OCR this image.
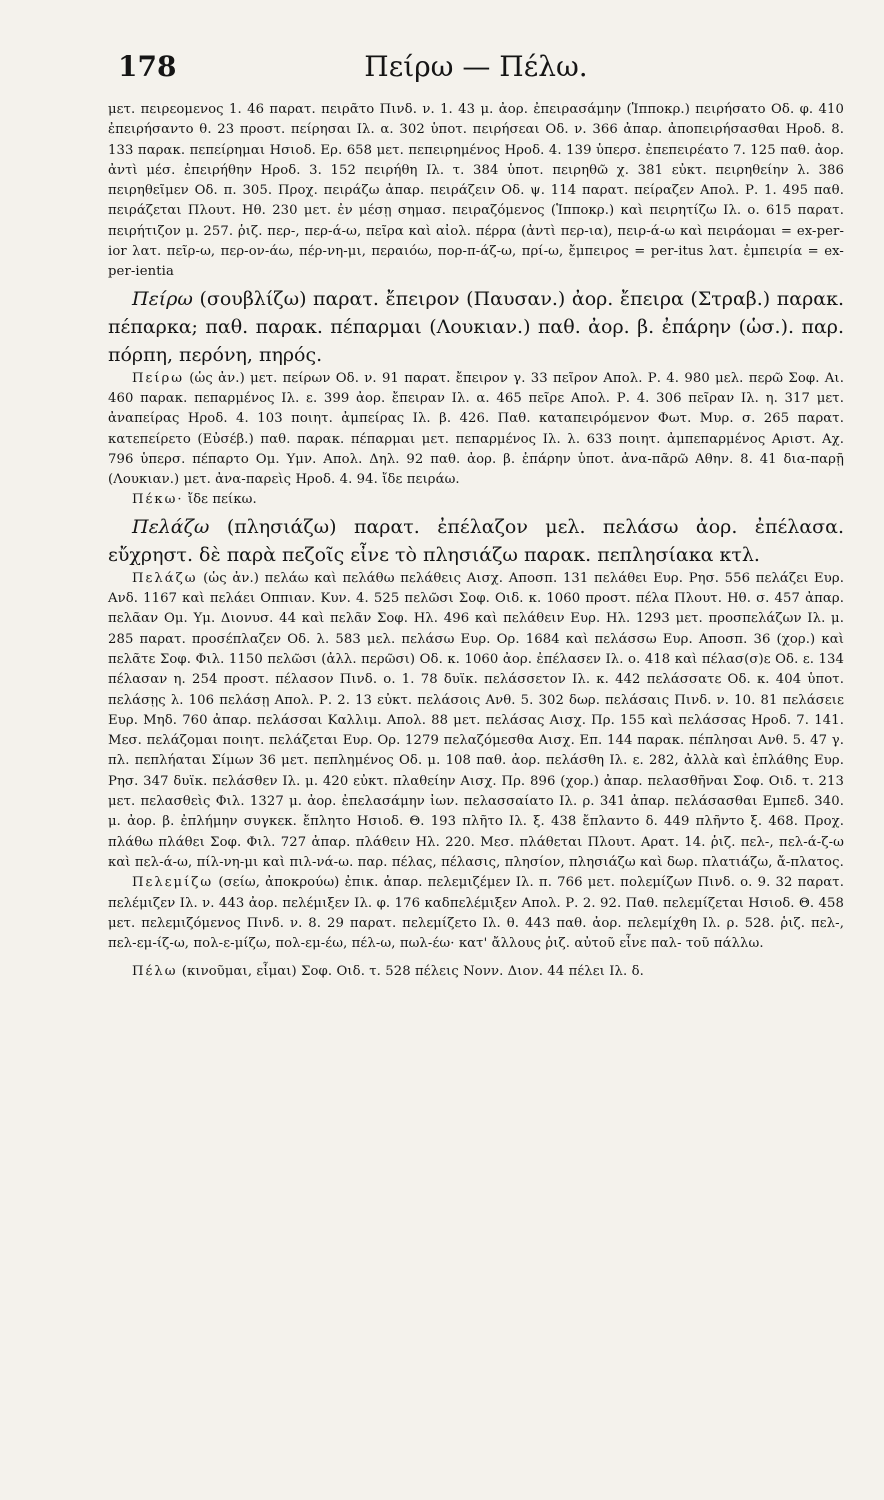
178	Πείρω — Πέλω.

μετ. πειρεομενος 1. 46 παρατ. πειρᾶτο Πινδ. ν. 1. 43 μ. ἀορ. ἐπειρασάμην (Ἱπποκρ.) πειρήσατο Οδ. φ. 410 ἐπειρήσαντο θ. 23 προστ. πείρησαι Ιλ. α. 302 ὑποτ. πειρήσεαι Οδ. ν. 366 ἀπαρ. ἀποπειρήσασθαι Ηροδ. 8. 133 παρακ. πεπείρημαι Ησιοδ. Ερ. 658 μετ. πεπειρημένος Ηροδ. 4. 139 ὑπερσ. ἐπεπειρέατο 7. 125 παθ. ἀορ. ἀντὶ μέσ. ἐπειρήθην Ηροδ. 3. 152 πειρήθη Ιλ. τ. 384 ὑποτ. πειρηθῶ χ. 381 εὐκτ. πειρηθείην λ. 386 πειρηθεῖμεν Οδ. π. 305. Προχ. πειράζω ἀπαρ. πειράζειν Οδ. ψ. 114 παρατ. πείραζεν Απολ. Ρ. 1. 495 παθ. πειράζεται Πλουτ. Ηθ. 230 μετ. ἐν μέσῃ σημασ. πειραζόμενος (Ἱπποκρ.) καὶ πειρητίζω Ιλ. ο. 615 παρατ. πειρήτιζον μ. 257. ῥιζ. περ-, περ-ά-ω, πεῖρα καὶ αἰολ. πέρρα (ἀντὶ περ-ια), πειρ-ά-ω καὶ πειράομαι = ex-per-ior λατ. πεῖρ-ω, περ-ον-άω, πέρ-νη-μι, περαιόω, πορ-π-άζ-ω, πρί-ω, ἔμπειρος = per-itus λατ. ἐμπειρία = ex-per-ientia

Πείρω (σουβλίζω) παρατ. ἔπειρον (Παυσαν.) ἀορ. ἔπειρα (Στραβ.) παρακ. πέπαρκα; παθ. παρακ. πέπαρμαι (Λουκιαν.) παθ. ἀορ. β. ἐπάρην (ὡσ.). παρ. πόρπη, περόνη, πηρός.

Πείρω (ὡς ἀν.) μετ. πείρων Οδ. ν. 91 παρατ. ἔπειρον γ. 33 πεῖρον Απολ. Ρ. 4. 980 μελ. περῶ Σοφ. Αι. 460 παρακ. πεπαρμένος Ιλ. ε. 399 ἀορ. ἔπειραν Ιλ. α. 465 πεῖρε Απολ. Ρ. 4. 306 πεῖραν Ιλ. η. 317 μετ. ἀναπείρας Ηροδ. 4. 103 ποιητ. ἀμπείρας Ιλ. β. 426. Παθ. καταπειρόμενον Φωτ. Μυρ. σ. 265 παρατ. κατεπείρετο (Εὐσέβ.) παθ. παρακ. πέπαρμαι μετ. πεπαρμένος Ιλ. λ. 633 ποιητ. ἀμπεπαρμένος Αριστ. Αχ. 796 ὑπερσ. πέπαρτο Ομ. Υμν. Απολ. Δηλ. 92 παθ. ἀορ. β. ἐπάρην ὑποτ. ἀνα-πᾶρῶ Αθην. 8. 41 δια-παρῇ (Λουκιαν.) μετ. ἀνα-παρεὶς Ηροδ. 4. 94. ἴδε πειράω.

Πέκω· ἴδε πείκω.

Πελάζω (πλησιάζω) παρατ. ἐπέλαζον μελ. πελάσω ἀορ. ἐπέλασα. εὔχρηστ. δὲ παρὰ πεζοῖς εἶνε τὸ πλησιάζω παρακ. πεπλησίακα κτλ.

Πελάζω (ὡς ἀν.) πελάω καὶ πελάθω πελάθεις Αισχ. Αποσπ. 131 πελάθει Ευρ. Ρησ. 556 πελάζει Ευρ. Ανδ. 1167 καὶ πελάει Οππιαν. Κυν. 4. 525 πελῶσι Σοφ. Οιδ. κ. 1060 προστ. πέλα Πλουτ. Ηθ. σ. 457 ἀπαρ. πελᾶαν Ομ. Υμ. Διονυσ. 44 καὶ πελᾶν Σοφ. Ηλ. 496 καὶ πελάθειν Ευρ. Ηλ. 1293 μετ. προσπελάζων Ιλ. μ. 285 παρατ. προσέπλαζεν Οδ. λ. 583 μελ. πελάσω Ευρ. Ορ. 1684 καὶ πελάσσω Ευρ. Αποσπ. 36 (χορ.) καὶ πελᾶτε Σοφ. Φιλ. 1150 πελῶσι (ἀλλ. περῶσι) Οδ. κ. 1060 ἀορ. ἐπέλασεν Ιλ. ο. 418 καὶ πέλασ(σ)ε Οδ. ε. 134 πέλασαν η. 254 προστ. πέλασον Πινδ. ο. 1. 78 δυϊκ. πελάσσετον Ιλ. κ. 442 πελάσσατε Οδ. κ. 404 ὑποτ. πελάσῃς λ. 106 πελάσῃ Απολ. Ρ. 2. 13 εὐκτ. πελάσοις Ανθ. 5. 302 δωρ. πελάσαις Πινδ. ν. 10. 81 πελάσειε Ευρ. Μηδ. 760 ἀπαρ. πελάσσαι Καλλιμ. Απολ. 88 μετ. πελάσας Αισχ. Πρ. 155 καὶ πελάσσας Ηροδ. 7. 141. Μεσ. πελάζομαι ποιητ. πελάζεται Ευρ. Ορ. 1279 πελαζόμεσθα Αισχ. Επ. 144 παρακ. πέπλησαι Ανθ. 5. 47 γ. πλ. πεπλήαται Σίμων 36 μετ. πεπλημένος Οδ. μ. 108 παθ. ἀορ. πελάσθη Ιλ. ε. 282, ἀλλὰ καὶ ἐπλάθης Ευρ. Ρησ. 347 δυϊκ. πελάσθεν Ιλ. μ. 420 εὐκτ. πλαθείην Αισχ. Πρ. 896 (χορ.) ἀπαρ. πελασθῆναι Σοφ. Οιδ. τ. 213 μετ. πελασθεὶς Φιλ. 1327 μ. ἀορ. ἐπελασάμην ἰων. πελασσαίατο Ιλ. ρ. 341 ἀπαρ. πελάσασθαι Εμπεδ. 340. μ. ἀορ. β. ἐπλήμην συγκεκ. ἔπλητο Ησιοδ. Θ. 193 πλῆτο Ιλ. ξ. 438 ἔπλαντο δ. 449 πλῆντο ξ. 468. Προχ. πλάθω πλάθει Σοφ. Φιλ. 727 ἀπαρ. πλάθειν Ηλ. 220. Μεσ. πλάθεται Πλουτ. Αρατ. 14. ῥιζ. πελ-, πελ-ά-ζ-ω καὶ πελ-ά-ω, πίλ-νη-μι καὶ πιλ-νά-ω. παρ. πέλας, πέλασις, πλησίον, πλησιάζω καὶ δωρ. πλατιάζω, ἄ-πλατος.

Πελεμίζω (σείω, ἀποκρούω) ἐπικ. ἀπαρ. πελεμιζέμεν Ιλ. π. 766 μετ. πολεμίζων Πινδ. ο. 9. 32 παρατ. πελέμιζεν Ιλ. ν. 443 ἀορ. πελέμιξεν Ιλ. φ. 176 καδπελέμιξεν Απολ. Ρ. 2. 92. Παθ. πελεμίζεται Ησιοδ. Θ. 458 μετ. πελεμιζόμενος Πινδ. ν. 8. 29 παρατ. πελεμίζετο Ιλ. θ. 443 παθ. ἀορ. πελεμίχθη Ιλ. ρ. 528. ῥιζ. πελ-, πελ-εμ-ίζ-ω, πολ-ε-μίζω, πολ-εμ-έω, πέλ-ω, πωλ-έω· κατ' ἄλλους ῥιζ. αὐτοῦ εἶνε παλ- τοῦ πάλλω.

Πέλω (κινοῦμαι, εἶμαι) Σοφ. Οιδ. τ. 528 πέλεις Νονν. Διον. 44 πέλει Ιλ. δ.
